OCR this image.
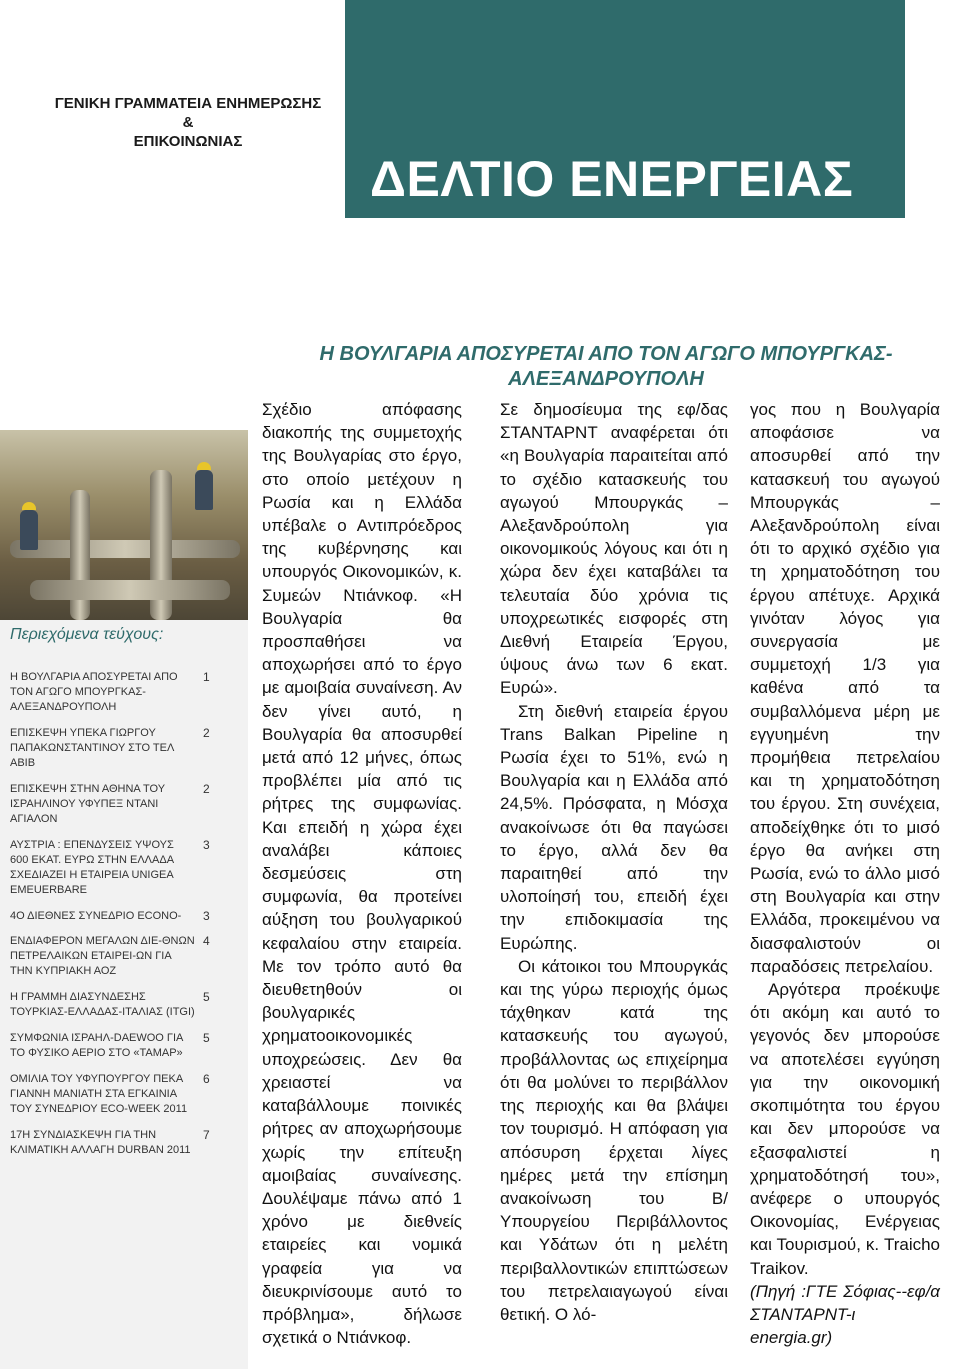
ΓΕΝΙΚΗ ΓΡΑΜΜΑΤΕΙΑ ΕΝΗΜΕΡΩΣΗΣ
&
ΕΠΙΚΟΙΝΩΝΙΑΣ
ΔΕΛΤΙΟ ΕΝΕΡΓΕΙΑΣ
Περιεχόμενα τεύχους:
Η ΒΟΥΛΓΑΡΙΑ ΑΠΟΣΥΡΕΤΑΙ ΑΠΟ ΤΟΝ ΑΓΩΓΟ ΜΠΟΥΡΓΚΑΣ-ΑΛΕΞΑΝΔΡΟΥΠΟΛΗ
1
ΕΠΙΣΚΕΨΗ ΥΠΕΚΑ ΓΙΩΡΓΟΥ ΠΑΠΑΚΩΝΣΤΑΝΤΙΝΟΥ ΣΤΟ ΤΕΛ ΑΒΙΒ
2
ΕΠΙΣΚΕΨΗ ΣΤΗΝ ΑΘΗΝΑ ΤΟΥ ΙΣΡΑΗΛΙΝΟΥ ΥΦΥΠΕΞ ΝΤΑΝΙ ΑΓΙΑΛΟΝ
2
ΑΥΣΤΡΙΑ : ΕΠΕΝΔΥΣΕΙΣ ΥΨΟΥΣ 600 ΕΚΑΤ. ΕΥΡΩ ΣΤΗΝ ΕΛΛΑΔΑ ΣΧΕΔΙΑΖΕΙ Η ΕΤΑΙΡΕΙΑ UNIGEA EMEUERBARE
3
4Ο ΔΙΕΘΝΕΣ ΣΥΝΕΔΡΙΟ ECONO-	3
ΕΝΔΙΑΦΕΡΟΝ ΜΕΓΑΛΩΝ ΔΙΕ-ΘΝΩΝ ΠΕΤΡΕΛΑΙΚΩΝ ΕΤΑΙΡΕΙ-ΩΝ ΓΙΑ ΤΗΝ ΚΥΠΡΙΑΚΗ ΑΟΖ
4
Η ΓΡΑΜΜΗ ΔΙΑΣΥΝΔΕΣΗΣ ΤΟΥΡΚΙΑΣ-ΕΛΛΑΔΑΣ-ΙΤΑΛΙΑΣ (ITGI)
5
ΣΥΜΦΩΝΙΑ ΙΣΡΑΗΛ-DAEWOO ΓΙΑ ΤΟ ΦΥΣΙΚΟ ΑΕΡΙΟ ΣΤΟ «ΤΑΜΑΡ»
5
ΟΜΙΛΙΑ ΤΟΥ ΥΦΥΠΟΥΡΓΟΥ ΠΕΚΑ ΓΙΑΝΝΗ ΜΑΝΙΑΤΗ ΣΤΑ ΕΓΚΑΙΝΙΑ ΤΟΥ ΣΥΝΕΔΡΙΟΥ ECO-WEEK 2011
6
17Η ΣΥΝΔΙΑΣΚΕΨΗ ΓΙΑ ΤΗΝ ΚΛΙΜΑΤΙΚΗ ΑΛΛΑΓΗ DURBAN 2011
7
Η ΒΟΥΛΓΑΡΙΑ ΑΠΟΣΥΡΕΤΑΙ ΑΠΟ ΤΟΝ ΑΓΩΓΟ ΜΠΟΥΡΓΚΑΣ-ΑΛΕΞΑΝΔΡΟΥΠΟΛΗ

Σχέδιο απόφασης διακοπής της συμμετοχής της Βουλγαρίας στο έργο, στο οποίο μετέχουν η Ρωσία και η Ελλάδα υπέβαλε ο Αντιπρόεδρος της κυβέρνησης και υπουργός Οικονομικών, κ. Συμεών Ντιάνκοφ. «Η Βουλγαρία θα προσπαθήσει να αποχωρήσει από το έργο με αμοιβαία συναίνεση. Αν δεν γίνει αυτό, η Βουλγαρία θα αποσυρθεί μετά από 12 μήνες, όπως προβλέπει μία από τις ρήτρες της συμφωνίας. Και επειδή η χώρα έχει αναλάβει κάποιες δεσμεύσεις στη συμφωνία, θα προτείνει αύξηση του βουλγαρικού κεφαλαίου στην εταιρεία. Με τον τρόπο αυτό θα διευθετηθούν οι βουλγαρικές χρηματοοικονομικές υποχρεώσεις. Δεν θα χρειαστεί να καταβάλλουμε ποινικές ρήτρες αν αποχωρήσουμε χωρίς την επίτευξη αμοιβαίας συναίνεσης. Δουλέψαμε πάνω από 1 χρόνο με διεθνείς εταιρείες και νομικά γραφεία για να διευκρινίσουμε αυτό το πρόβλημα», δήλωσε σχετικά ο Ντιάνκοφ.

Σε δημοσίευμα της εφ/δας ΣΤΑΝΤΑΡΝΤ αναφέρεται ότι «η Βουλγαρία παραιτείται από το σχέδιο κατασκευής του αγωγού Μπουργκάς – Αλεξανδρούπολη για οικονομικούς λόγους και ότι η χώρα δεν έχει καταβάλει τα τελευταία δύο χρόνια τις υποχρεωτικές εισφορές στη Διεθνή Εταιρεία Έργου, ύψους άνω των 6 εκατ. Ευρώ».

Στη διεθνή εταιρεία έργου Trans Balkan Pipeline η Ρωσία έχει το 51%, ενώ η Βουλγαρία και η Ελλάδα από 24,5%. Πρόσφατα, η Μόσχα ανακοίνωσε ότι θα παγώσει το έργο, αλλά δεν θα παραιτηθεί από την υλοποίησή του, επειδή έχει την επιδοκιμασία της Ευρώπης.

Οι κάτοικοι του Μπουργκάς και της γύρω περιοχής όμως τάχθηκαν κατά της κατασκευής του αγωγού, προβάλλοντας ως επιχείρημα ότι θα μολύνει το περιβάλλον της περιοχής και θα βλάψει τον τουρισμό. Η απόφαση για απόσυρση έρχεται λίγες ημέρες μετά την επίσημη ανακοίνωση του Β/Υπουργείου Περιβάλλοντος και Υδάτων ότι η μελέτη περιβαλλοντικών επιπτώσεων του πετρελαιαγωγού είναι θετική. Ο λό-

γος που η Βουλγαρία αποφάσισε να αποσυρθεί από την κατασκευή του αγωγού Μπουργκάς – Αλεξανδρούπολη είναι ότι το αρχικό σχέδιο για τη χρηματοδότηση του έργου απέτυχε. Αρχικά γινόταν λόγος για συνεργασία με συμμετοχή 1/3 για καθένα από τα συμβαλλόμενα μέρη με εγγυημένη την προμήθεια πετρελαίου και τη χρηματοδότηση του έργου. Στη συνέχεια, αποδείχθηκε ότι το μισό έργο θα ανήκει στη Ρωσία, ενώ το άλλο μισό στη Βουλγαρία και στην Ελλάδα, προκειμένου να διασφαλιστούν οι παραδόσεις πετρελαίου.

Αργότερα προέκυψε ότι ακόμη και αυτό το γεγονός δεν μπορούσε να αποτελέσει εγγύηση για την οικονομική σκοπιμότητα του έργου και δεν μπορούσε να εξασφαλιστεί η χρηματοδότησή του», ανέφερε ο υπουργός Οικονομίας, Ενέργειας και Τουρισμού, κ. Traicho Traikov.

(Πηγή :ΓΤΕ Σόφιας--εφ/α ΣΤΑΝΤΑΡΝΤ-ι energia.gr)
